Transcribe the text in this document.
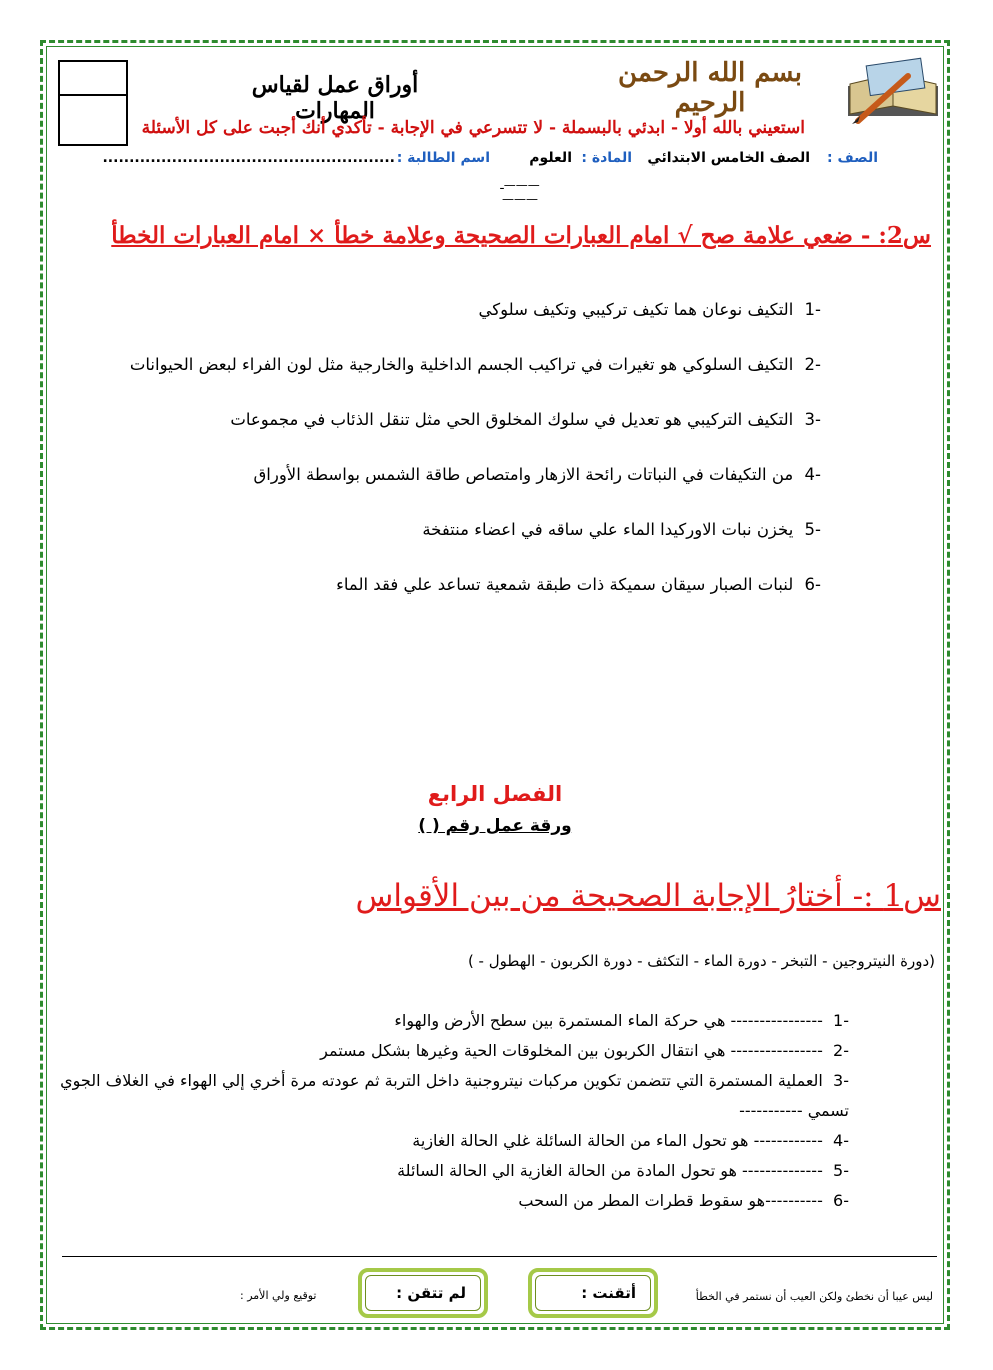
أوراق عمل لقياس المهارات
بسم الله الرحمن الرحيم
استعيني بالله أولا - ابدئي بالبسملة - لا تتسرعي في الإجابة - تأكدي أنك أجبت على كل الأسئلة
الصف :
الصف الخامس الابتدائي
المادة :
العلوم
اسم الطالبة :
.......................................................
———ـ———
س2: - ضعي علامة صح √ امام العبارات الصحيحة وعلامة خطأ × امام العبارات الخطأ
-1 التكيف نوعان هما تكيف تركيبي وتكيف سلوكي
-2 التكيف السلوكي هو تغيرات في تراكيب الجسم الداخلية والخارجية مثل لون الفراء لبعض الحيوانات
-3 التكيف التركيبي هو تعديل في سلوك المخلوق الحي مثل تنقل الذئاب في مجموعات
-4 من التكيفات في النباتات رائحة الازهار وامتصاص طاقة الشمس بواسطة الأوراق
-5 يخزن نبات الاوركيدا الماء علي ساقه في اعضاء منتفخة
-6 لنبات الصبار سيقان سميكة ذات طبقة شمعية تساعد علي فقد الماء
الفصل الرابع
ورقة عمل رقم ( )
س1 :- أختارُ الإجابة الصحيحة من بين الأقواس
(دورة النيتروجين - التبخر - دورة الماء - التكثف - دورة الكربون - الهطول - )
-1  ---------------- هي حركة الماء المستمرة بين سطح الأرض والهواء
-2  ---------------- هي انتقال الكربون بين المخلوقات الحية وغيرها بشكل مستمر
-3  العملية المستمرة التي تتضمن تكوين مركبات نيتروجنية داخل التربة ثم عودته مرة أخري إلي الهواء في الغلاف الجوي تسمي -----------
-4  ------------ هو تحول الماء من الحالة السائلة غلي الحالة الغازية
-5  -------------- هو تحول المادة من الحالة الغازية الي الحالة السائلة
-6  ----------هو سقوط قطرات المطر من السحب
ليس عيبا أن نخطئ ولكن العيب أن نستمر في الخطأ
أتقنت :
لم تتقن :
توقيع ولي الأمر :
